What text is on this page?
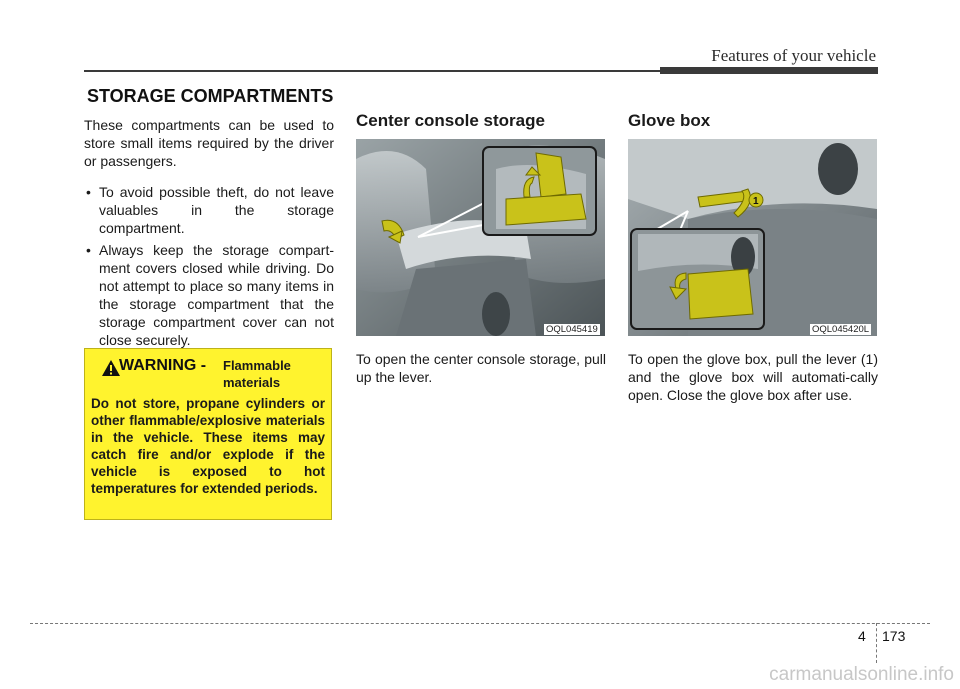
Features of your vehicle
STORAGE COMPARTMENTS
These compartments can be used to store small items required by the driver or passengers.
• To avoid possible theft, do not leave valuables in the storage compartment.
• Always keep the storage compart-ment covers closed while driving. Do not attempt to place so many items in the storage compartment that the storage compartment cover can not close securely.
WARNING - Flammable
materials
Do not store, propane cylinders or other flammable/explosive materials in the vehicle. These items may catch fire and/or explode if the vehicle is exposed to hot temperatures for extended periods.
Center console storage
OQL045419
To open the center console storage, pull up the lever.
Glove box
1
OQL045420L
To open the glove box, pull the lever (1) and the glove box will automati-cally open. Close the glove box after use.
4 173
carmanualsonline.info
